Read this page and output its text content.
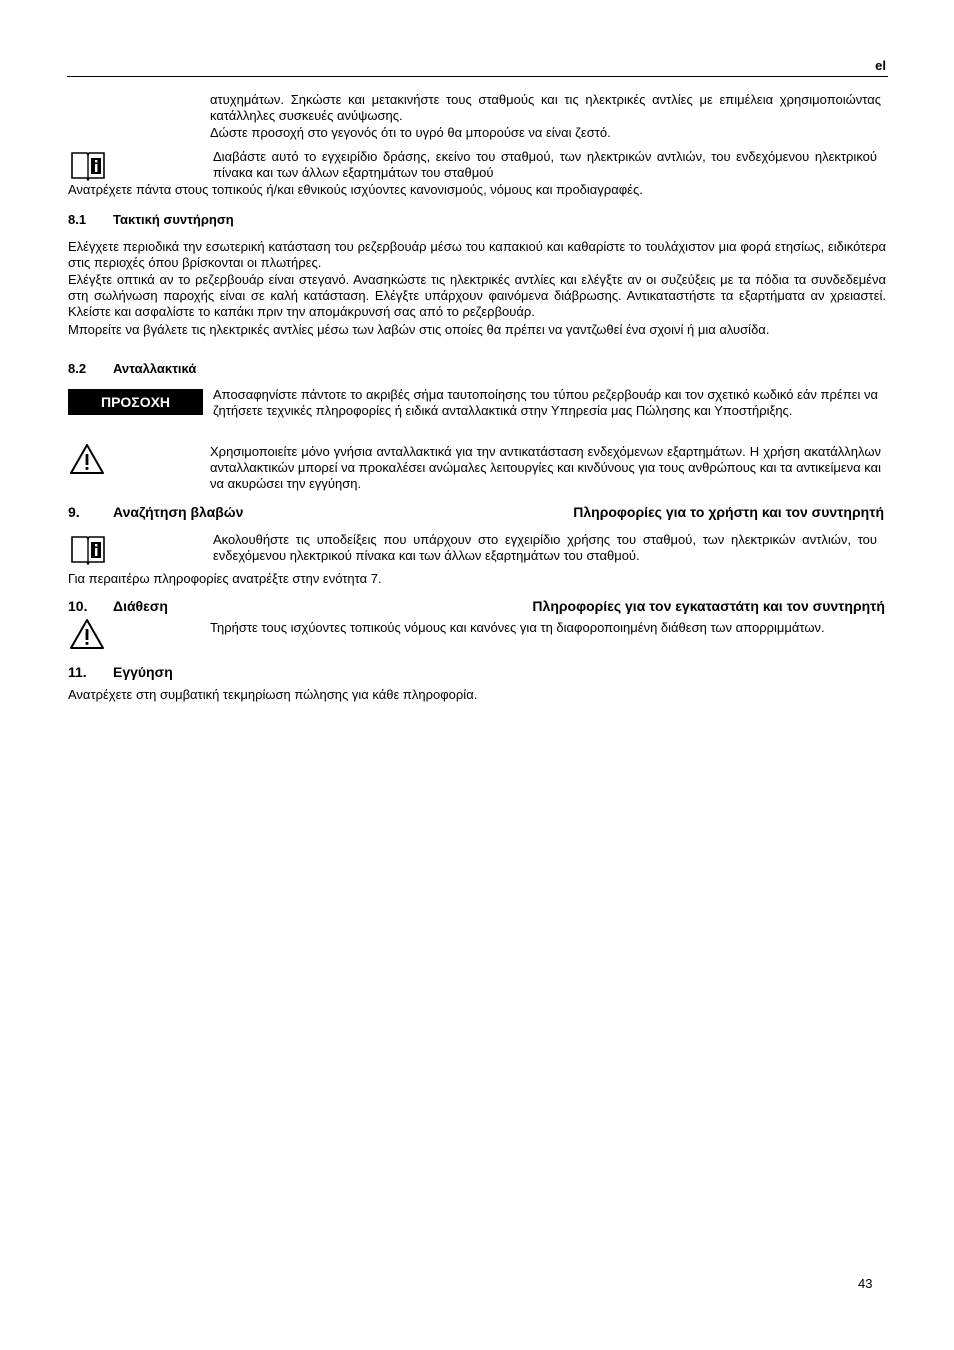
el

ατυχημάτων. Σηκώστε και μετακινήστε τους σταθμούς και τις ηλεκτρικές αντλίες με επιμέλεια χρησιμοποιώντας κατάλληλες συσκευές ανύψωσης.

Δώστε προσοχή στο γεγονός ότι το υγρό θα μπορούσε να είναι ζεστό.

Διαβάστε αυτό το εγχειρίδιο δράσης, εκείνο του σταθμού, των ηλεκτρικών αντλιών, του ενδεχόμενου ηλεκτρικού πίνακα και των άλλων εξαρτημάτων του σταθμού

Ανατρέχετε πάντα στους τοπικούς ή/και εθνικούς ισχύοντες κανονισμούς, νόμους και προδιαγραφές.

8.1 Τακτική συντήρηση

Ελέγχετε περιοδικά την εσωτερική κατάσταση του ρεζερβουάρ μέσω του καπακιού και καθαρίστε το τουλάχιστον μια φορά ετησίως, ειδικότερα στις περιοχές όπου βρίσκονται οι πλωτήρες.

Ελέγξτε οπτικά αν το ρεζερβουάρ είναι στεγανό. Ανασηκώστε τις ηλεκτρικές αντλίες και ελέγξτε αν οι συζεύξεις με τα πόδια τα συνδεδεμένα στη σωλήνωση παροχής είναι σε καλή κατάσταση. Ελέγξτε υπάρχουν φαινόμενα διάβρωσης. Αντικαταστήστε τα εξαρτήματα αν χρειαστεί. Κλείστε και ασφαλίστε το καπάκι πριν την απομάκρυνσή σας από το ρεζερβουάρ.

Μπορείτε να βγάλετε τις ηλεκτρικές αντλίες μέσω των λαβών στις οποίες θα πρέπει να γαντζωθεί ένα σχοινί ή μια αλυσίδα.

8.2 Ανταλλακτικά
ΠΡΟΣΟΧΗ	Αποσαφηνίστε πάντοτε το ακριβές σήμα ταυτοποίησης του τύπου ρεζερβουάρ και τον σχετικό κωδικό εάν πρέπει να ζητήσετε τεχνικές πληροφορίες ή ειδικά ανταλλακτικά στην Υπηρεσία μας Πώλησης και Υποστήριξης.

Χρησιμοποιείτε μόνο γνήσια ανταλλακτικά για την αντικατάσταση ενδεχόμενων εξαρτημάτων. Η χρήση ακατάλληλων ανταλλακτικών μπορεί να προκαλέσει ανώμαλες λειτουργίες και κινδύνους για τους ανθρώπους και τα αντικείμενα και να ακυρώσει την εγγύηση.

9. Αναζήτηση βλαβών	Πληροφορίες για το χρήστη και τον συντηρητή

Ακολουθήστε τις υποδείξεις που υπάρχουν στο εγχειρίδιο χρήσης του σταθμού, των ηλεκτρικών αντλιών, του ενδεχόμενου ηλεκτρικού πίνακα και των άλλων εξαρτημάτων του σταθμού.

Για περαιτέρω πληροφορίες ανατρέξτε στην ενότητα 7.

10. Διάθεση	Πληροφορίες για τον εγκαταστάτη και τον συντηρητή

Τηρήστε τους ισχύοντες τοπικούς νόμους και κανόνες για τη διαφοροποιημένη διάθεση των απορριμμάτων.

11. Εγγύηση

Ανατρέχετε στη συμβατική τεκμηρίωση πώλησης για κάθε πληροφορία.

43
